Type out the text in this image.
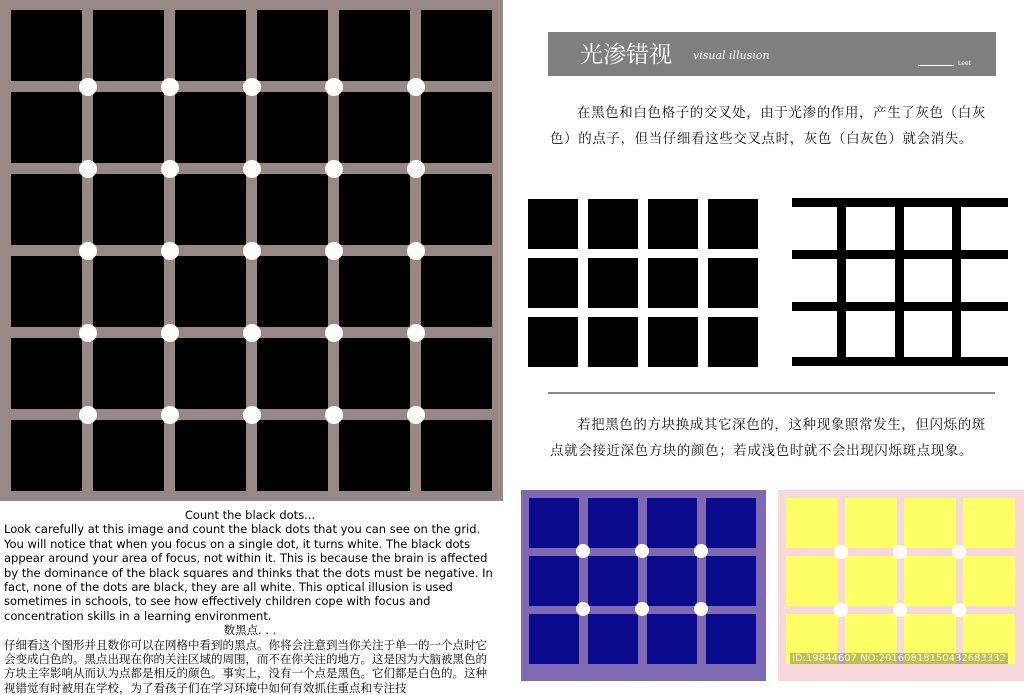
Count the black dots...

Look carefully at this image and count the black dots that you can see on the grid. You will notice that when you focus on a single dot, it turns white. The black dots appear around your area of focus, not within it. This is because the brain is affected by the dominance of the black squares and thinks that the dots must be negative. In fact, none of the dots are black, they are all white. This optical illusion is used sometimes in schools, to see how effectively children cope with focus and concentration skills in a learning environment.

数黑点. . .

仔细看这个图形并且数你可以在网格中看到的黑点。你将会注意到当你关注于单一的一个点时它会变成白色的。黑点出现在你的关注区域的周围，而不在你关注的地方。这是因为大脑被黑色的方块主宰影响从而认为点都是相反的颜色。事实上，没有一个点是黑色。它们都是白色的。这种视错觉有时被用在学校，为了看孩子们在学习环境中如何有效抓住重点和专注技

光渗错视 visual illusion
Leet
在黑色和白色格子的交叉处，由于光渗的作用，产生了灰色（白灰色）的点子，但当仔细看这些交叉点时，灰色（白灰色）就会消失。
若把黑色的方块换成其它深色的，这种现象照常发生，但闪烁的斑点就会接近深色方块的颜色；若成浅色时就不会出现闪烁斑点现象。
ID:19844607 NO:20160818150432683332
